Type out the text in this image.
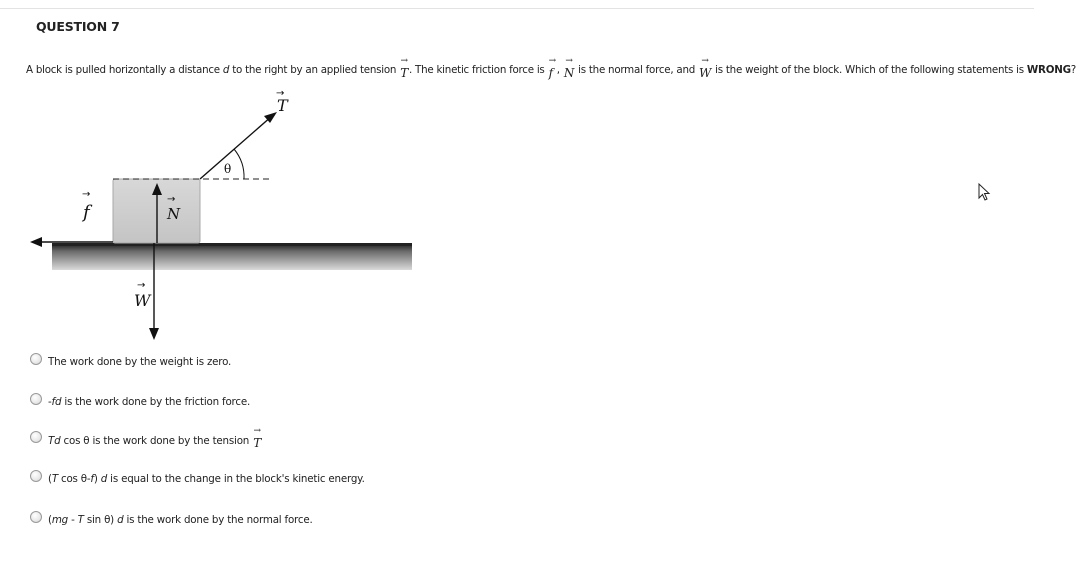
QUESTION 7
A block is pulled horizontally a distance d to the right by an applied tension
→
T. The kinetic friction force is
→
f ,
→
N is the normal force, and
→
W is the weight of the block. Which of the following statements is WRONG?
θ
→
T
→
f
→
N
→
W
The work done by the weight is zero.
-fd is the work done by the friction force.
Td cos θ is the work done by the tension
→
T
(T cos θ-f) d is equal to the change in the block's kinetic energy.
(mg - T sin θ) d is the work done by the normal force.
